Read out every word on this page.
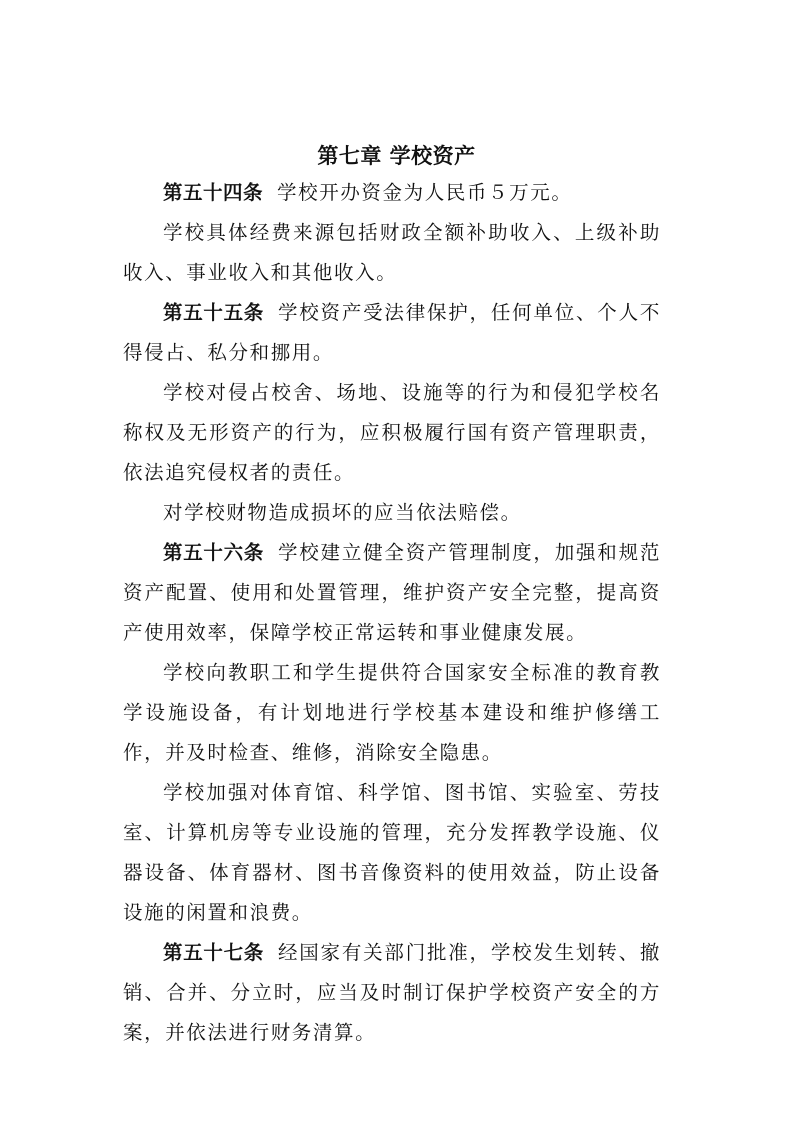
第七章 学校资产

第五十四条 学校开办资金为人民币５万元。

学校具体经费来源包括财政全额补助收入、上级补助收入、事业收入和其他收入。

第五十五条 学校资产受法律保护，任何单位、个人不得侵占、私分和挪用。

学校对侵占校舍、场地、设施等的行为和侵犯学校名称权及无形资产的行为，应积极履行国有资产管理职责，依法追究侵权者的责任。

对学校财物造成损坏的应当依法赔偿。

第五十六条 学校建立健全资产管理制度，加强和规范资产配置、使用和处置管理，维护资产安全完整，提高资产使用效率，保障学校正常运转和事业健康发展。

学校向教职工和学生提供符合国家安全标准的教育教学设施设备，有计划地进行学校基本建设和维护修缮工作，并及时检查、维修，消除安全隐患。

学校加强对体育馆、科学馆、图书馆、实验室、劳技室、计算机房等专业设施的管理，充分发挥教学设施、仪器设备、体育器材、图书音像资料的使用效益，防止设备设施的闲置和浪费。

第五十七条 经国家有关部门批准，学校发生划转、撤销、合并、分立时，应当及时制订保护学校资产安全的方案，并依法进行财务清算。
